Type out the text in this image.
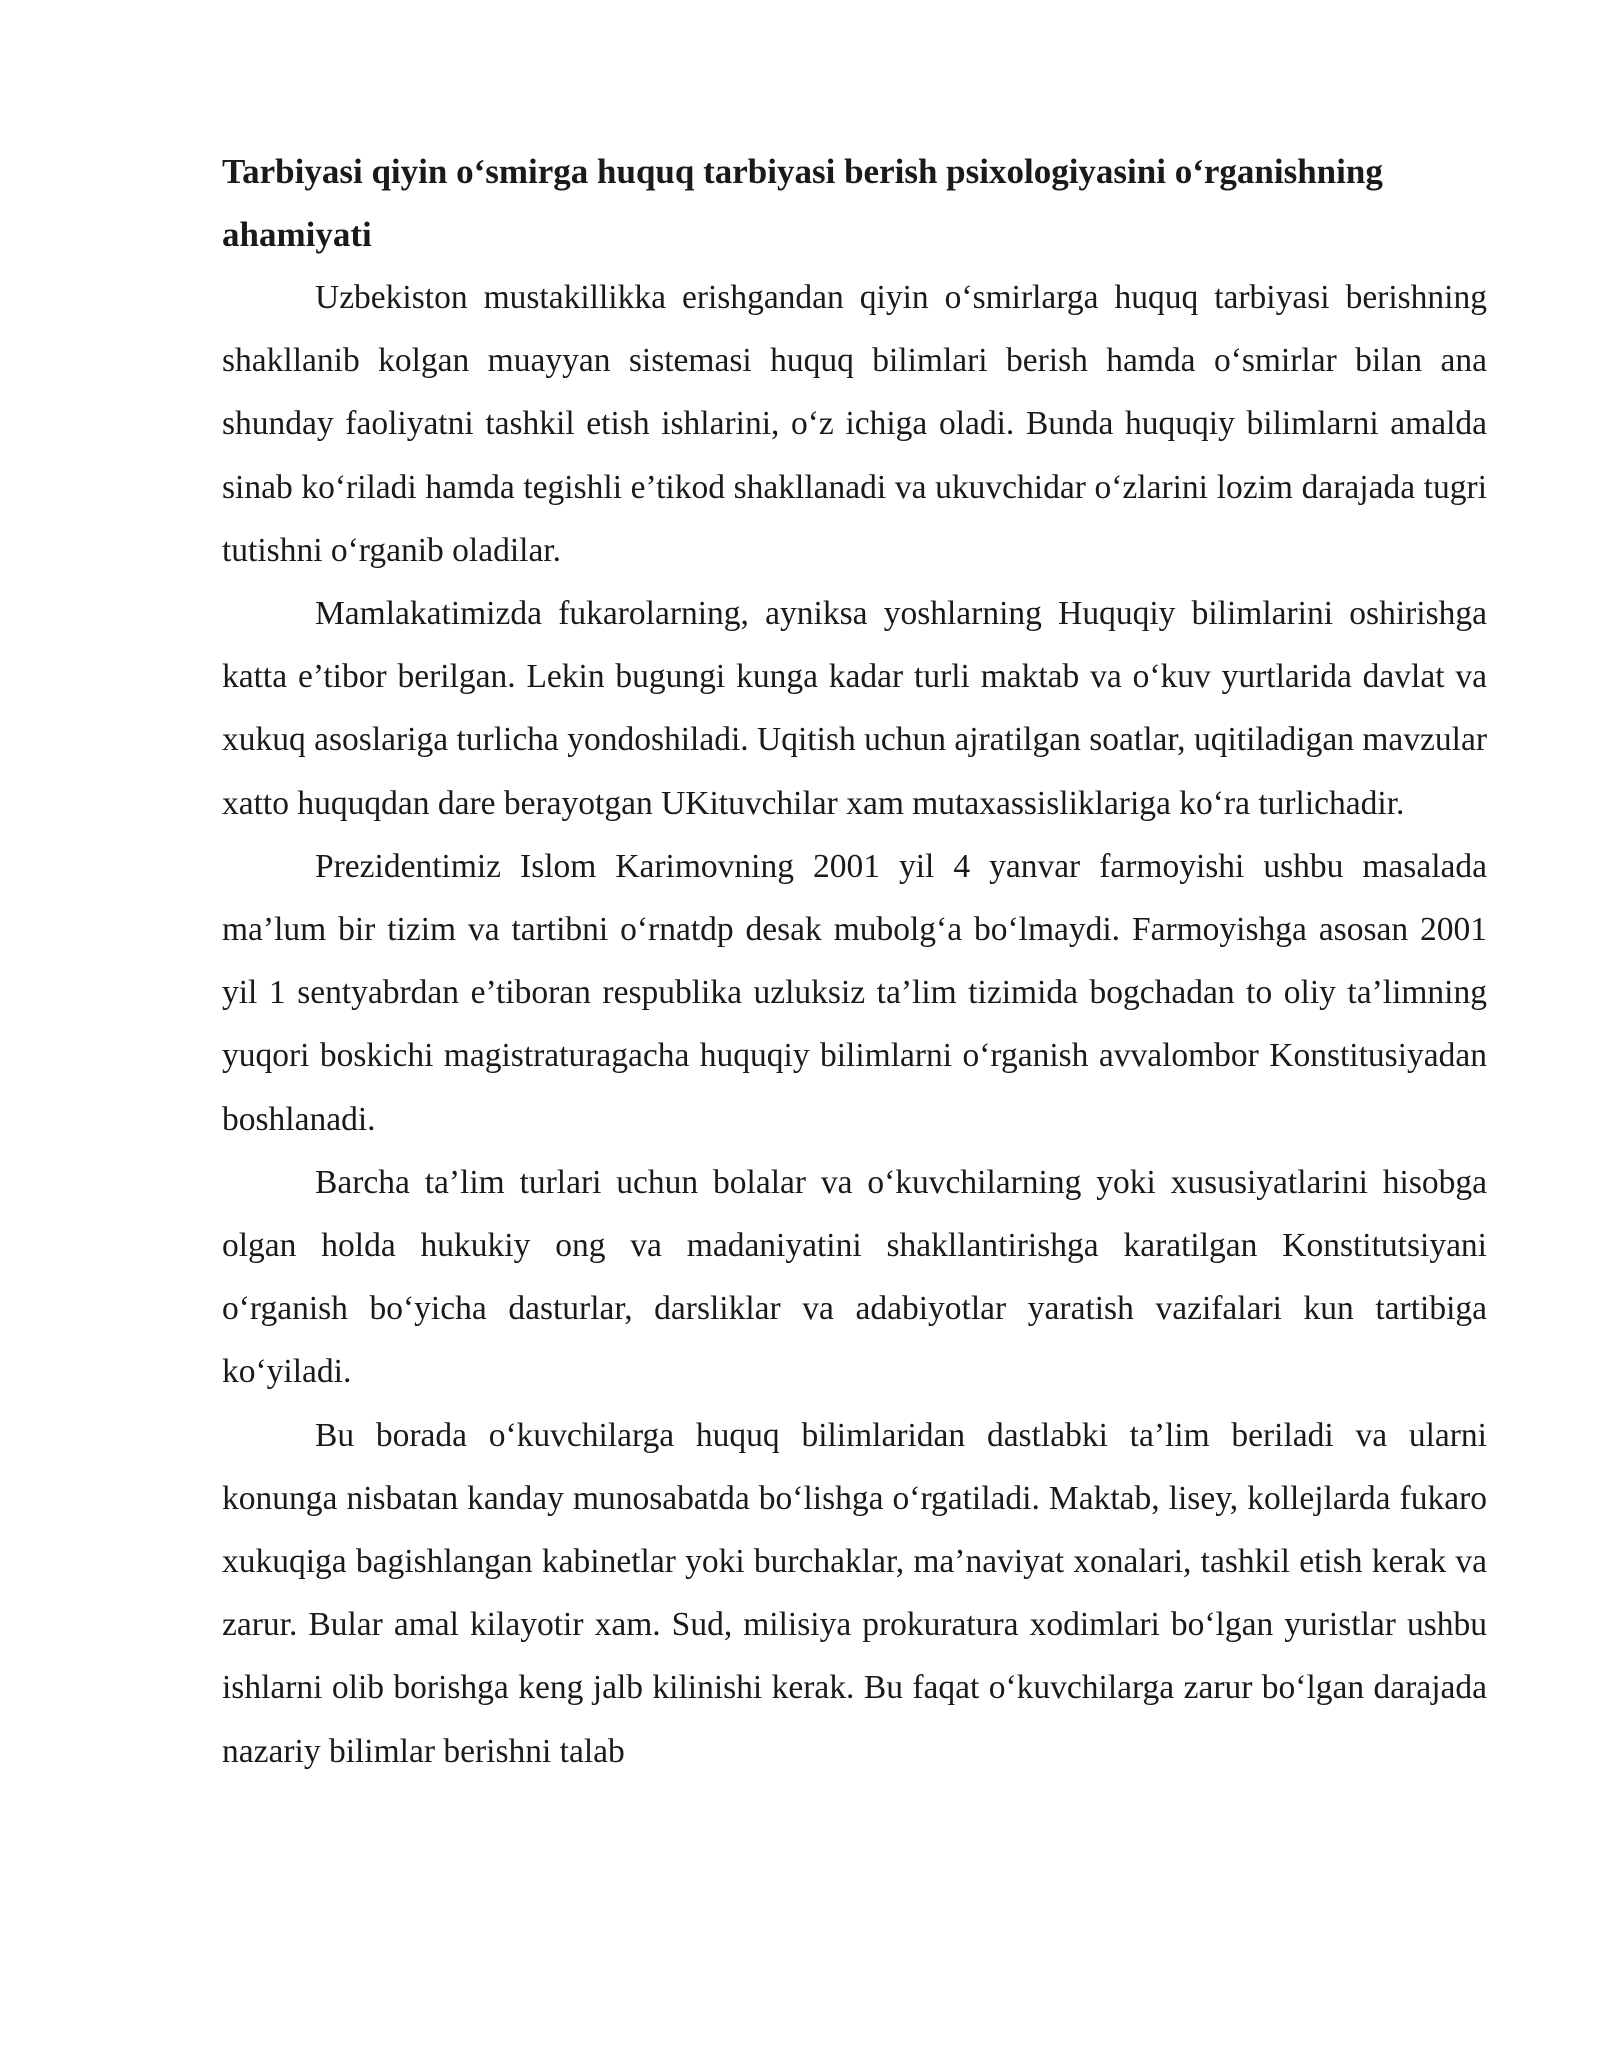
Tarbiyasi qiyin oʻsmirga huquq tarbiyasi berish psixologiyasini oʻrganishning ahamiyati

Uzbekiston mustakillikka erishgandan qiyin oʻsmirlarga huquq tarbiyasi berishning shakllanib kolgan muayyan sistemasi huquq bilimlari berish hamda oʻsmirlar bilan ana shunday faoliyatni tashkil etish ishlarini, oʻz ichiga oladi. Bunda huquqiy bilimlarni amalda sinab koʻriladi hamda tegishli e’tikod shakllanadi va ukuvchidar oʻzlarini lozim darajada tugri tutishni oʻrganib oladilar.

Mamlakatimizda fukarolarning, ayniksa yoshlarning Huquqiy bilimlarini oshirishga katta e’tibor berilgan. Lekin bugungi kunga kadar turli maktab va oʻkuv yurtlarida davlat va xukuq asoslariga turlicha yondoshiladi. Uqitish uchun ajratilgan soatlar, uqitiladigan mavzular xatto huquqdan dare berayotgan UKituvchilar xam mutaxassisliklariga koʻra turlichadir.

Prezidentimiz Islom Karimovning 2001 yil 4 yanvar farmoyishi ushbu masalada ma’lum bir tizim va tartibni oʻrnatdp desak mubolgʻa boʻlmaydi. Farmoyishga asosan 2001 yil 1 sentyabrdan e’tiboran respublika uzluksiz ta’lim tizimida bogchadan to oliy ta’limning yuqori boskichi magistraturagacha huquqiy bilimlarni oʻrganish avvalombor Konstitusiyadan boshlanadi.

Barcha ta’lim turlari uchun bolalar va oʻkuvchilarning yoki xususiyatlarini hisobga olgan holda hukukiy ong va madaniyatini shakllantirishga karatilgan Konstitutsiyani oʻrganish boʻyicha dasturlar, darsliklar va adabiyotlar yaratish vazifalari kun tartibiga koʻyiladi.

Bu borada oʻkuvchilarga huquq bilimlaridan dastlabki ta’lim beriladi va ularni konunga nisbatan kanday munosabatda boʻlishga oʻrgatiladi. Maktab, lisey, kollejlarda fukaro xukuqiga bagishlangan kabinetlar yoki burchaklar, ma’naviyat xonalari, tashkil etish kerak va zarur. Bular amal kilayotir xam. Sud, milisiya prokuratura xodimlari boʻlgan yuristlar ushbu ishlarni olib borishga keng jalb kilinishi kerak. Bu faqat oʻkuvchilarga zarur boʻlgan darajada nazariy bilimlar berishni talab
